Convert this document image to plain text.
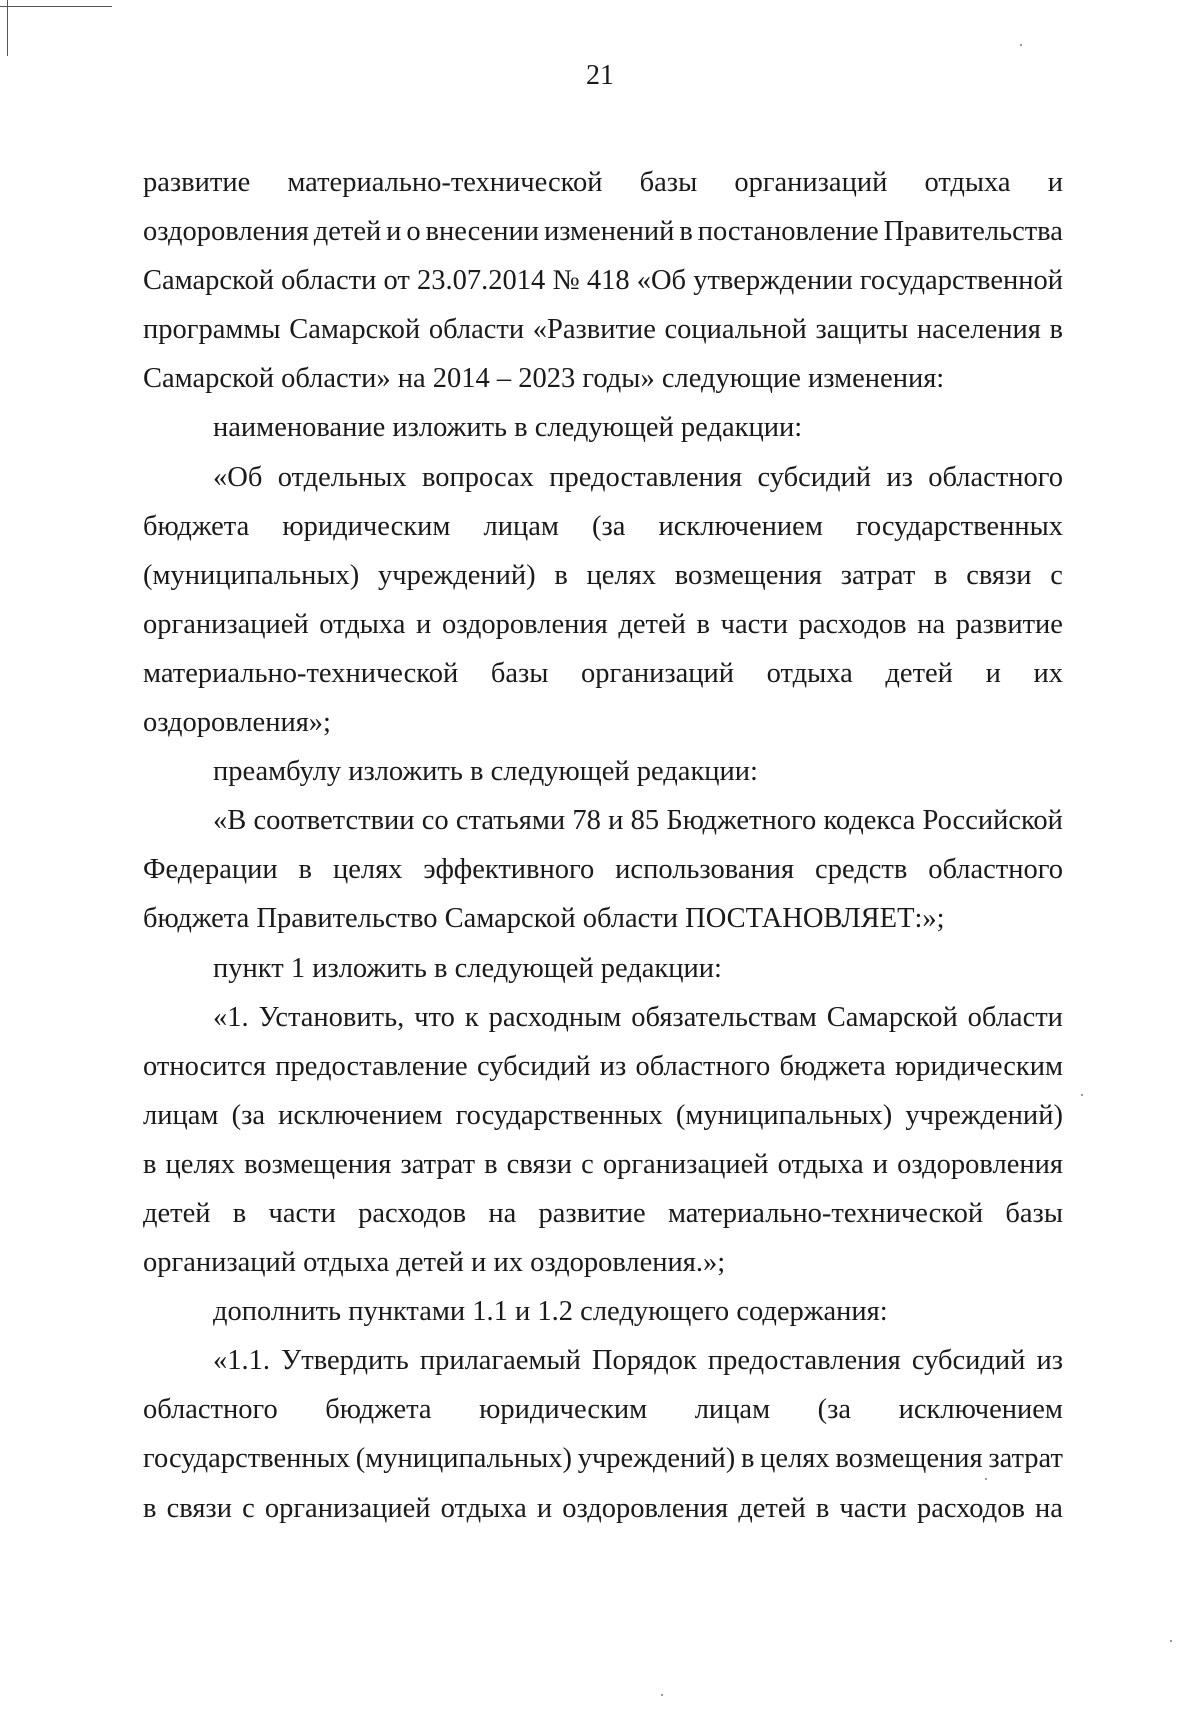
21
развитие материально-технической базы организаций отдыха и
оздоровления детей и о внесении изменений в постановление Правительства
Самарской области от 23.07.2014 № 418 «Об утверждении государственной
программы Самарской области «Развитие социальной защиты населения в
Самарской области» на 2014 – 2023 годы» следующие изменения:
наименование изложить в следующей редакции:
«Об отдельных вопросах предоставления субсидий из областного
бюджета юридическим лицам (за исключением государственных
(муниципальных) учреждений) в целях возмещения затрат в связи с
организацией отдыха и оздоровления детей в части расходов на развитие
материально-технической базы организаций отдыха детей и их
оздоровления»;
преамбулу изложить в следующей редакции:
«В соответствии со статьями 78 и 85 Бюджетного кодекса Российской
Федерации в целях эффективного использования средств областного
бюджета Правительство Самарской области ПОСТАНОВЛЯЕТ:»;
пункт 1 изложить в следующей редакции:
«1. Установить, что к расходным обязательствам Самарской области
относится предоставление субсидий из областного бюджета юридическим
лицам (за исключением государственных (муниципальных) учреждений)
в целях возмещения затрат в связи с организацией отдыха и оздоровления
детей в части расходов на развитие материально-технической базы
организаций отдыха детей и их оздоровления.»;
дополнить пунктами 1.1 и 1.2 следующего содержания:
«1.1. Утвердить прилагаемый Порядок предоставления субсидий из
областного бюджета юридическим лицам (за исключением
государственных (муниципальных) учреждений) в целях возмещения затрат
в связи с организацией отдыха и оздоровления детей в части расходов на
